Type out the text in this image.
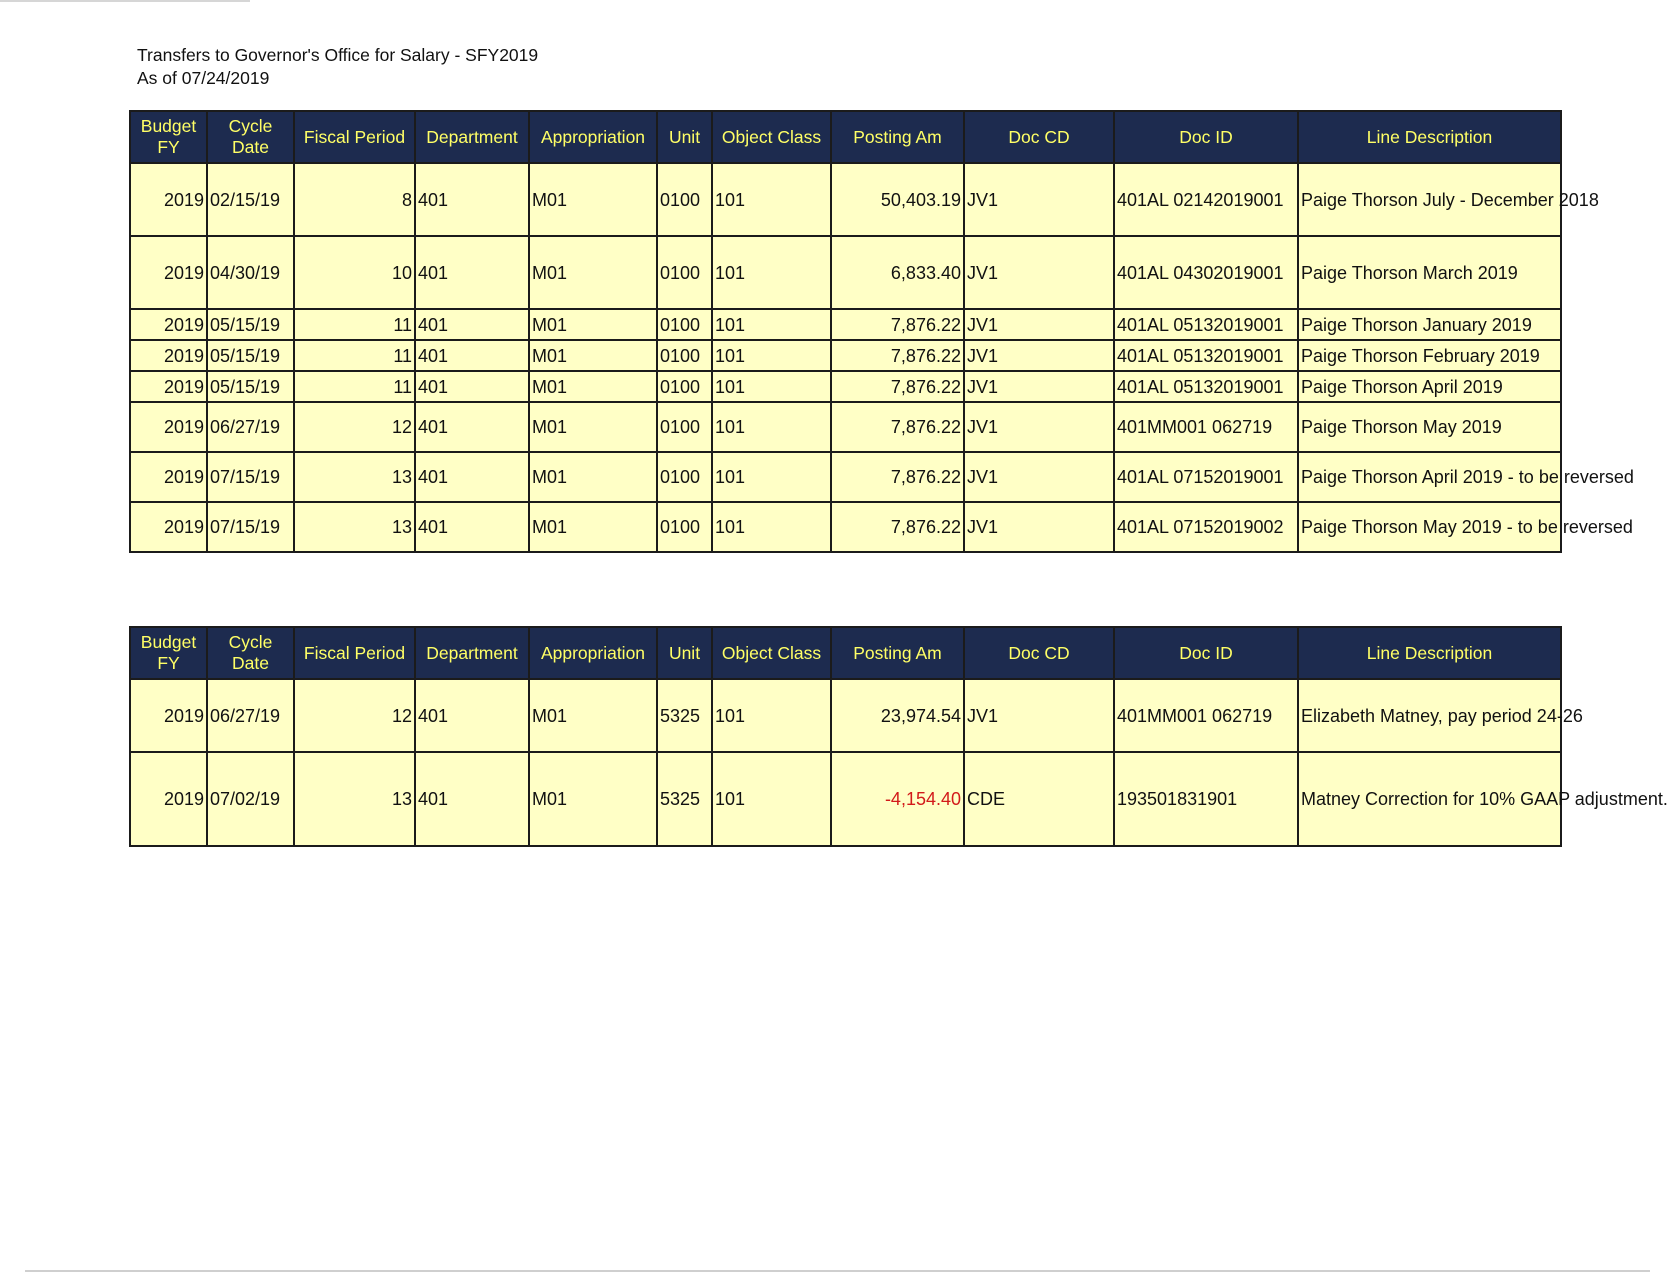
Transfers to Governor's Office for Salary - SFY2019
As of 07/24/2019
Budget FY	Cycle Date	Fiscal Period	Department	Appropriation	Unit	Object Class	Posting Am	Doc CD	Doc ID	Line Description
2019	02/15/19	8	401	M01	0100	101	50,403.19	JV1	401AL 02142019001	Paige Thorson July - December 2018
2019	04/30/19	10	401	M01	0100	101	6,833.40	JV1	401AL 04302019001	Paige Thorson March 2019
2019	05/15/19	11	401	M01	0100	101	7,876.22	JV1	401AL 05132019001	Paige Thorson January 2019
2019	05/15/19	11	401	M01	0100	101	7,876.22	JV1	401AL 05132019001	Paige Thorson February 2019
2019	05/15/19	11	401	M01	0100	101	7,876.22	JV1	401AL 05132019001	Paige Thorson April 2019
2019	06/27/19	12	401	M01	0100	101	7,876.22	JV1	401MM001 062719	Paige Thorson May 2019
2019	07/15/19	13	401	M01	0100	101	7,876.22	JV1	401AL 07152019001	Paige Thorson April 2019 - to be reversed
2019	07/15/19	13	401	M01	0100	101	7,876.22	JV1	401AL 07152019002	Paige Thorson May 2019 - to be reversed
Budget FY	Cycle Date	Fiscal Period	Department	Appropriation	Unit	Object Class	Posting Am	Doc CD	Doc ID	Line Description
2019	06/27/19	12	401	M01	5325	101	23,974.54	JV1	401MM001 062719	Elizabeth Matney, pay period 24-26
2019	07/02/19	13	401	M01	5325	101	-4,154.40	CDE	193501831901	Matney Correction for 10% GAAP adjustment.
